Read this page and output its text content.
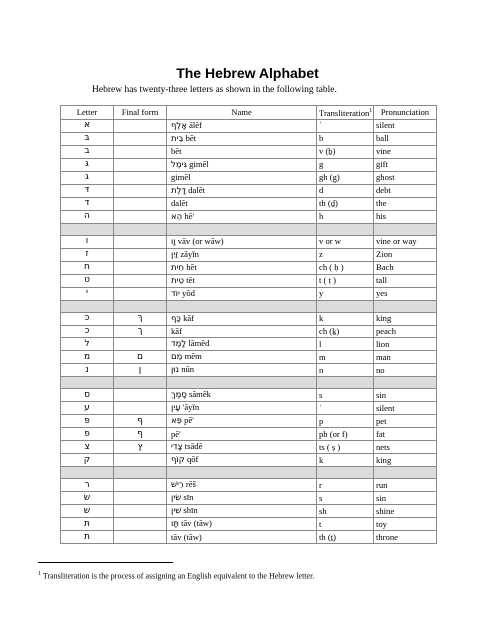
The Hebrew Alphabet

Hebrew has twenty-three letters as shown in the following table.

Letter	Final form	Name	Transliteration$^1$	Pronunciation
א		אָלֶף ālĕf	ʾ	silent
בּ		בֵּית bēt	b	ball
ב		bēt	v (ḇ)	vine
גּ		גִּימֶל gimĕl	g	gift
ג		gimĕl	gh (g̱)	ghost
דּ		דָּלֶת dalĕt	d	debt
ד		dalĕt	th (ḏ)	the
ה		הֵא hē'	h	his

ו		וָו vāv (or wāw)	v or w	vine or way
ז		זַיִן zāyĭn	z	Zion
ח		חֵית hēt	ch ( ḥ )	Bach
ט		טֵית tēt	t ( ṭ )	tall
י		יוֹד yōd	y	yes

כּ	ךּ	כַּף kāf	k	king
כ	ך	kāf	ch (ḵ)	peach
ל		לָמֶד lāmĕd	l	lion
מ	ם	מֵם mēm	m	man
נ	ן	נוּן nūn	n	no

ס		סָמֶךְ sāmĕk	s	sin
ע		עַיִן 'āyĭn	ʿ	silent
פּ	ףּ	פֵּא pē'	p	pet
פ	ף	pē'	ph (or f)	fat
צ	ץ	צָדִי tsādē	ts ( ṣ )	nets
ק		קוֹף qōf	k	king

ר		רֵישׁ rēš	r	run
שׂ		שִׂין sīn	s	sin
שׁ		שִׁין shīn	sh	shine
תּ		תָּו tāv (tāw)	t	toy
ת		tāv (tāw)	th (ṯ)	throne

$^1$ Transliteration is the process of assigning an English equivalent to the Hebrew letter.
